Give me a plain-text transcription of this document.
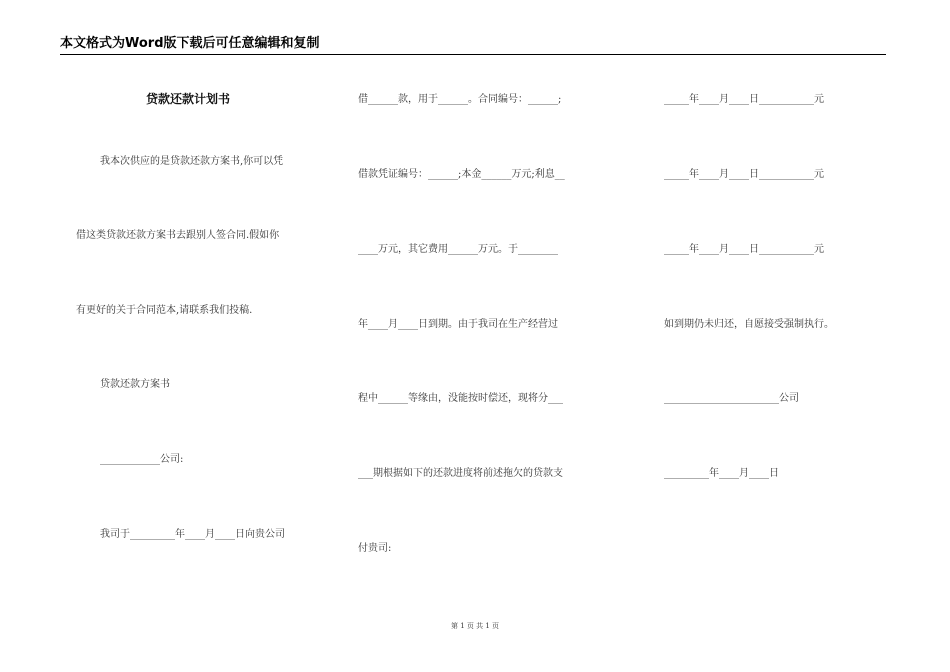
本文格式为Word版下载后可任意编辑和复制
贷款还款计划书
我本次供应的是贷款还款方案书,你可以凭
借这类贷款还款方案书去跟别人签合同.假如你
有更好的关于合同范本,请联系我们投稿.
贷款还款方案书
____________公司:
我司于_________年____月____日向贵公司
借______款，用于______。合同编号：______;
借款凭证编号：______;本金______万元;利息__
____万元，其它费用______万元。于________
年____月____日到期。由于我司在生产经营过
程中______等缘由，没能按时偿还，现将分___
___期根据如下的还款进度将前述拖欠的贷款支
付贵司:
_____年____月____日___________元
_____年____月____日___________元
_____年____月____日___________元
如到期仍未归还，自愿接受强制执行。
_______________________公司
_________年____月____日
第 1 页 共 1 页
